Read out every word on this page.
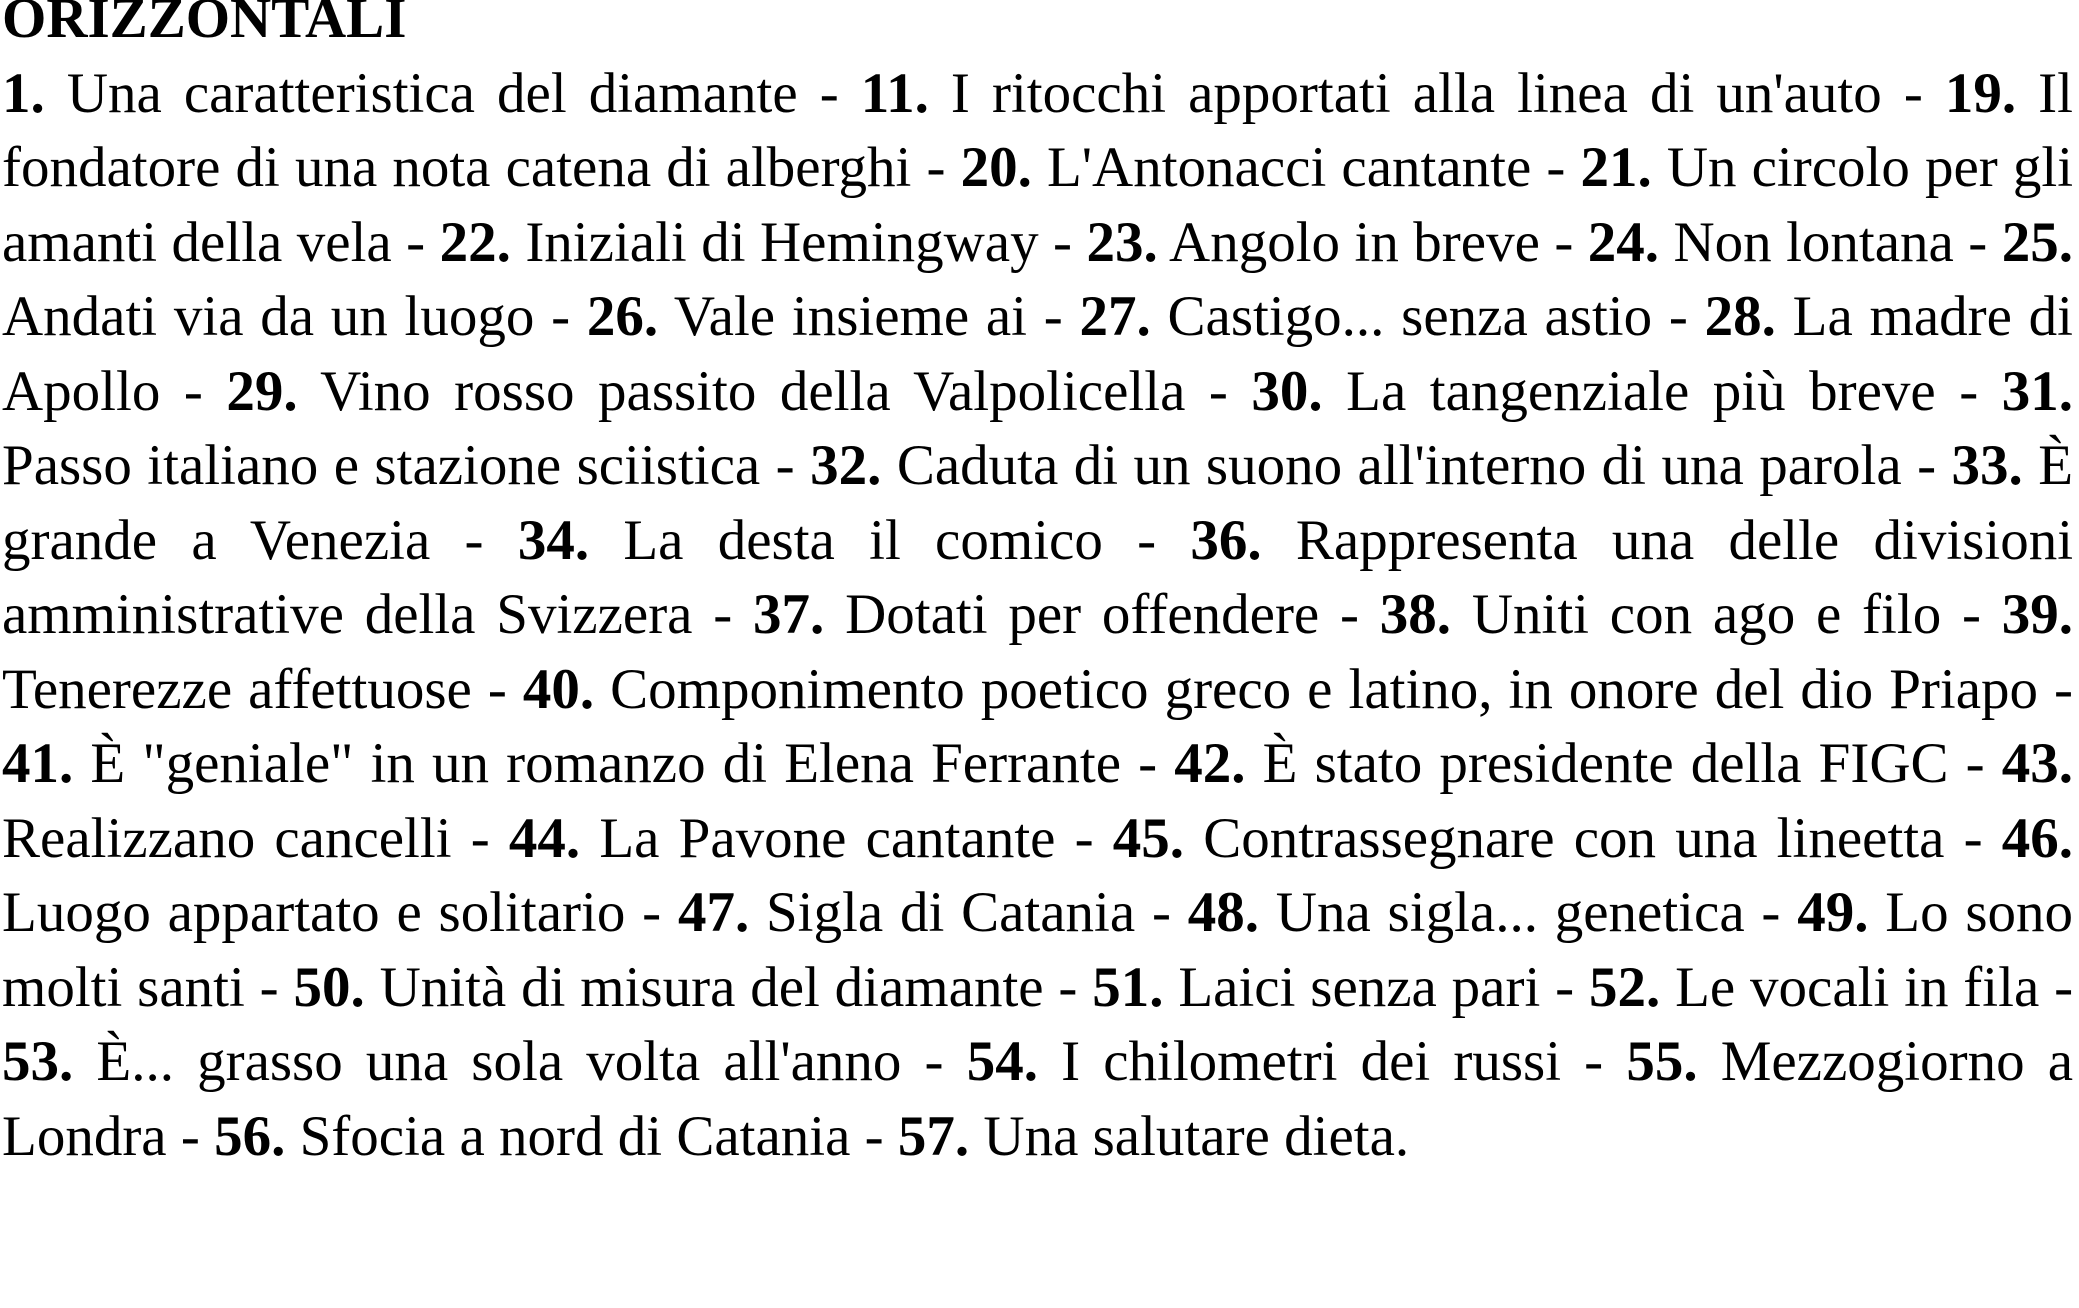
ORIZZONTALI
1. Una caratteristica del diamante - 11. I ritocchi apportati alla linea di un'auto - 19. Il fondatore di una nota catena di alberghi - 20. L'Antonacci cantante - 21. Un circolo per gli amanti della vela - 22. Iniziali di Hemingway - 23. Angolo in breve - 24. Non lontana - 25. Andati via da un luogo - 26. Vale insieme ai - 27. Castigo... senza astio - 28. La madre di Apollo - 29. Vino rosso passito della Valpolicella - 30. La tangenziale più breve - 31. Passo italiano e stazione sciistica - 32. Caduta di un suono all'interno di una parola - 33. È grande a Venezia - 34. La desta il comico - 36. Rappresenta una delle divisioni amministrative della Svizzera - 37. Dotati per offendere - 38. Uniti con ago e filo - 39. Tenerezze affettuose - 40. Componimento poetico greco e latino, in onore del dio Priapo - 41. È "geniale" in un romanzo di Elena Ferrante - 42. È stato presidente della FIGC - 43. Realizzano cancelli - 44. La Pavone cantante - 45. Contrassegnare con una lineetta - 46. Luogo appartato e solitario - 47. Sigla di Catania - 48. Una sigla... genetica - 49. Lo sono molti santi - 50. Unità di misura del diamante - 51. Laici senza pari - 52. Le vocali in fila - 53. È... grasso una sola volta all'anno - 54. I chilometri dei russi - 55. Mezzogiorno a Londra - 56. Sfocia a nord di Catania - 57. Una salutare dieta.
